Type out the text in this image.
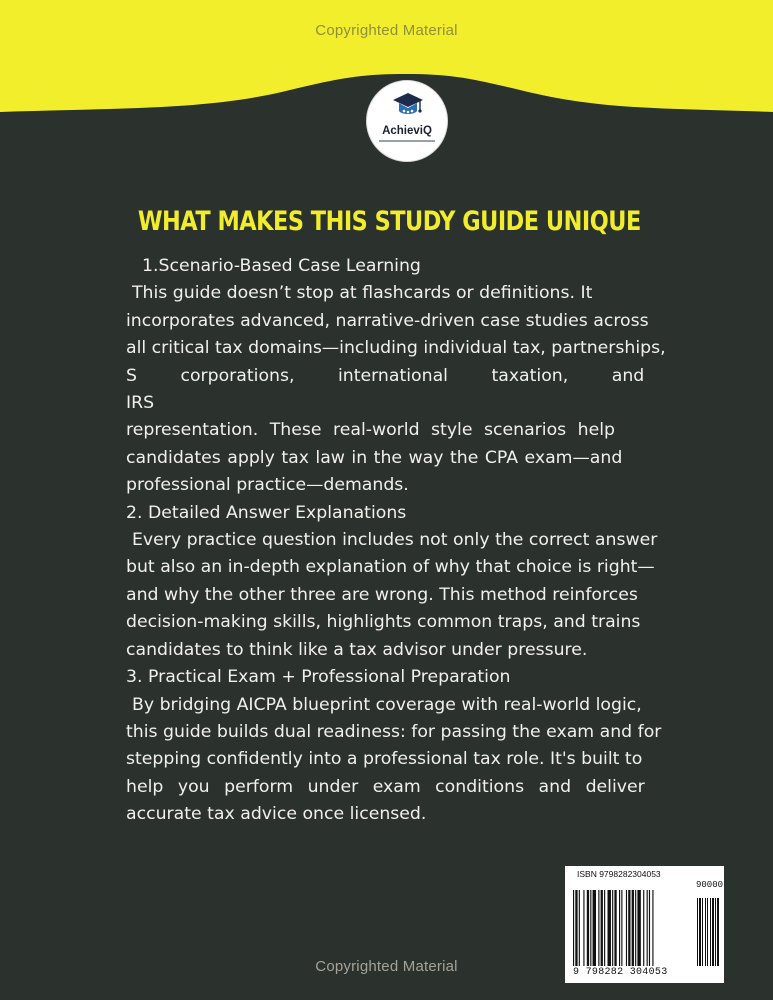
Copyrighted Material
AchieviQ
WHAT MAKES THIS STUDY GUIDE UNIQUE

1.Scenario-Based Case Learning

This guide doesn’t stop at flashcards or definitions. It

incorporates advanced, narrative-driven case studies across

all critical tax domains—including individual tax, partnerships,

S corporations, international taxation, and IRS

representation. These real-world style scenarios help

candidates apply tax law in the way the CPA exam—and

professional practice—demands.

2. Detailed Answer Explanations

Every practice question includes not only the correct answer

but also an in-depth explanation of why that choice is right—

and why the other three are wrong. This method reinforces

decision-making skills, highlights common traps, and trains

candidates to think like a tax advisor under pressure.

3. Practical Exam + Professional Preparation

By bridging AICPA blueprint coverage with real-world logic,

this guide builds dual readiness: for passing the exam and for

stepping confidently into a professional tax role. It's built to

help you perform under exam conditions and deliver

accurate tax advice once licensed.

ISBN 9798282304053
90000
9 798282 304053
Copyrighted Material
